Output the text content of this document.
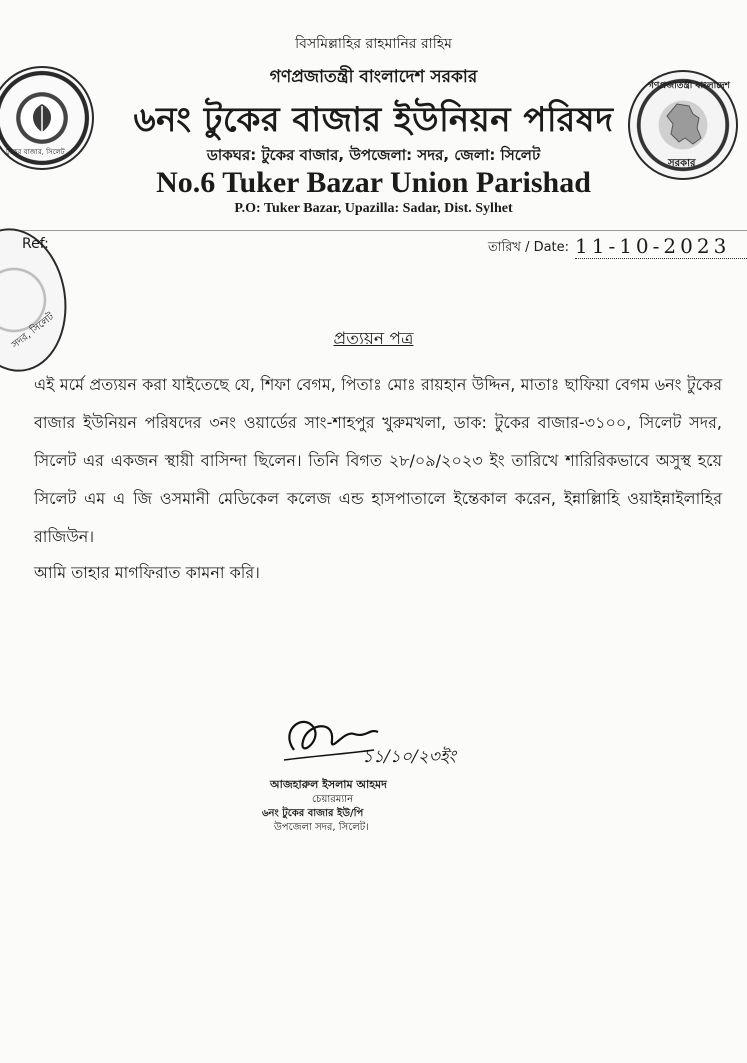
টুকের বাজার, সিলেট
গণপ্রজাতন্ত্রী বাংলাদেশ
সরকার
বিসমিল্লাহির রাহমানির রাহিম
গণপ্রজাতন্ত্রী বাংলাদেশ সরকার
৬নং টুকের বাজার ইউনিয়ন পরিষদ
ডাকঘর: টুকের বাজার, উপজেলা: সদর, জেলা: সিলেট
No.6 Tuker Bazar Union Parishad
P.O: Tuker Bazar, Upazilla: Sadar, Dist. Sylhet
সদর, সিলেট
Ref:	তারিখ / Date: 11-10-2023
প্রত্যয়ন পত্র
এই মর্মে প্রত্যয়ন করা যাইতেছে যে, শিফা বেগম, পিতাঃ মোঃ রায়হান উদ্দিন, মাতাঃ ছাফিয়া বেগম ৬নং টুকের বাজার ইউনিয়ন পরিষদের ৩নং ওয়ার্ডের সাং-শাহপুর খুরুমখলা, ডাক: টুকের বাজার-৩১০০, সিলেট সদর, সিলেট এর একজন স্থায়ী বাসিন্দা ছিলেন। তিনি বিগত ২৮/০৯/২০২৩ ইং তারিখে শারিরিকভাবে অসুস্থ হয়ে সিলেট এম এ জি ওসমানী মেডিকেল কলেজ এন্ড হাসপাতালে ইন্তেকাল করেন, ইন্নাল্লিাহি ওয়াইন্নাইলাহির রাজিউন।
আমি তাহার মাগফিরাত কামনা করি।
১১/১০/২৩ইং
আজহারুল ইসলাম আহমদ
চেয়ারম্যান
৬নং টুকের বাজার ইউ/পি
উপজেলা সদর, সিলেট।
